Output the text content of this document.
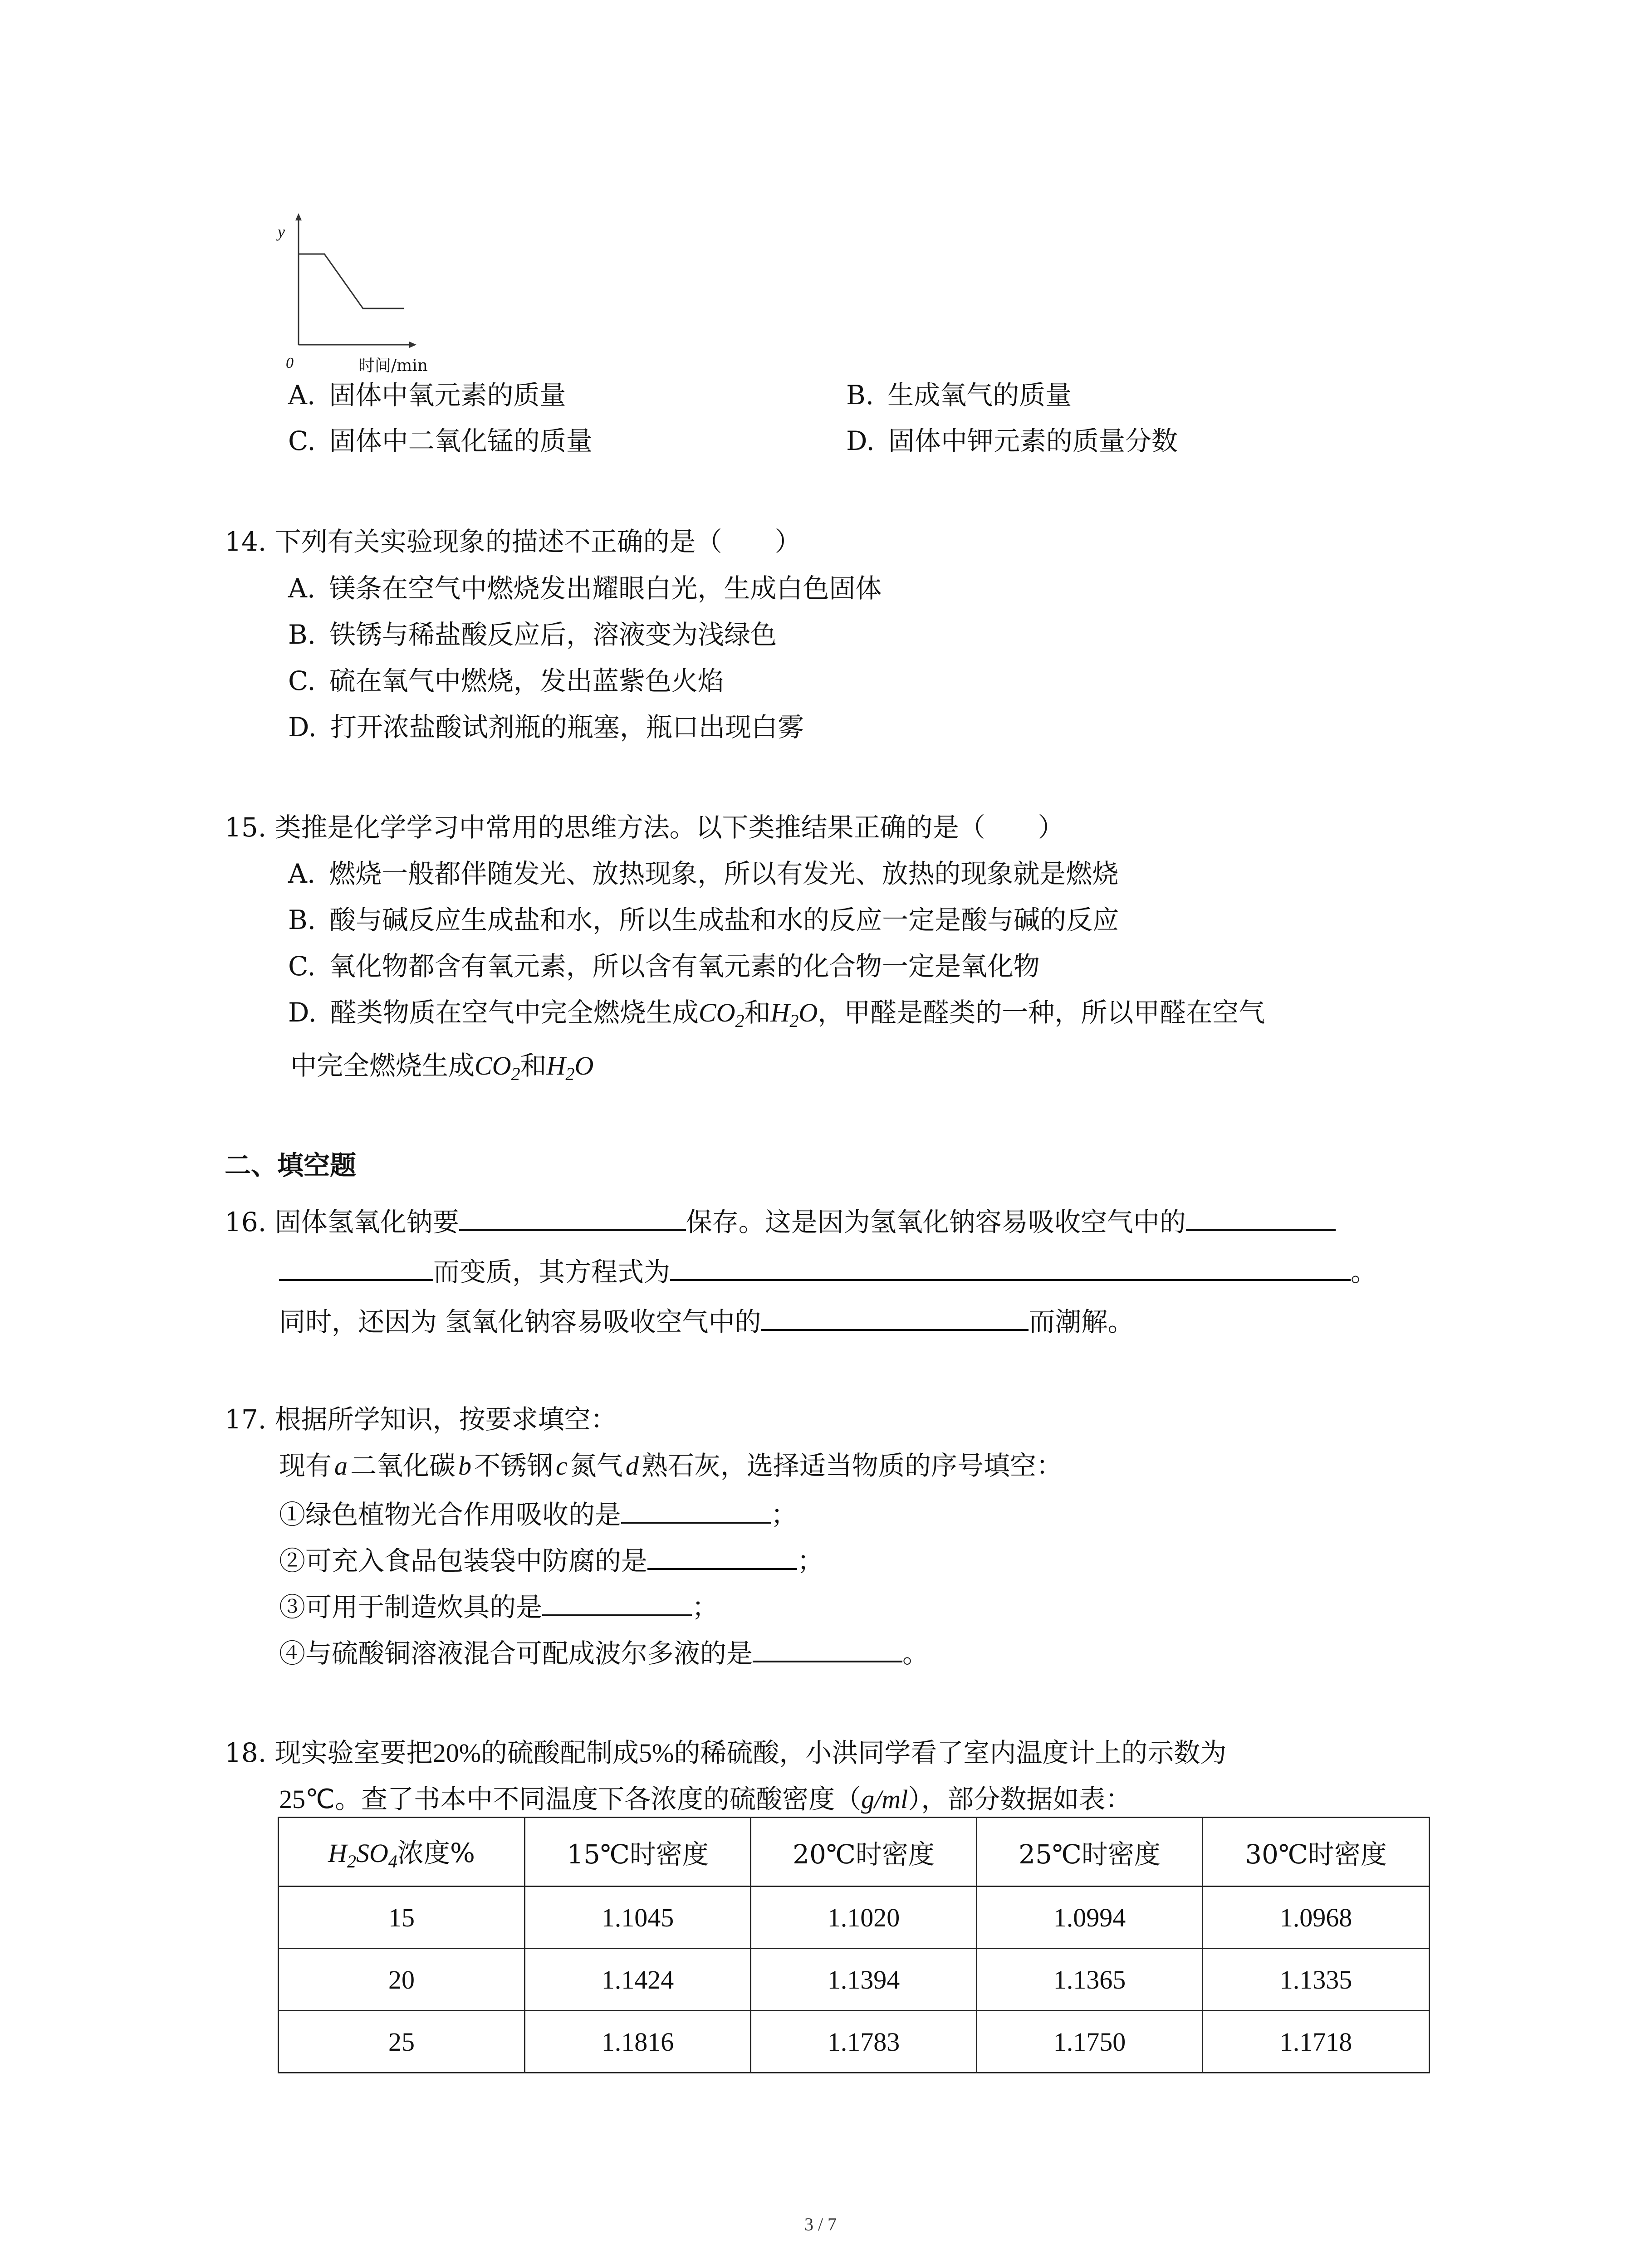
y
0	时间/min
A. 固体中氧元素的质量	B. 生成氧气的质量
C. 固体中二氧化锰的质量	D. 固体中钾元素的质量分数
14. 下列有关实验现象的描述不正确的是（　　）
A. 镁条在空气中燃烧发出耀眼白光，生成白色固体
B. 铁锈与稀盐酸反应后，溶液变为浅绿色
C. 硫在氧气中燃烧，发出蓝紫色火焰
D. 打开浓盐酸试剂瓶的瓶塞，瓶口出现白雾
15. 类推是化学学习中常用的思维方法。以下类推结果正确的是（　　）
A. 燃烧一般都伴随发光、放热现象，所以有发光、放热的现象就是燃烧
B. 酸与碱反应生成盐和水，所以生成盐和水的反应一定是酸与碱的反应
C. 氧化物都含有氧元素，所以含有氧元素的化合物一定是氧化物
D. 醛类物质在空气中完全燃烧生成$CO_2$和$H_2O$，甲醛是醛类的一种，所以甲醛在空气
中完全燃烧生成$CO_2$和$H_2O$
二、填空题
16. 固体氢氧化钠要	保存。这是因为氢氧化钠容易吸收空气中的
而变质，其方程式为	。
同时，还因为 氢氧化钠容易吸收空气中的	而潮解。
17. 根据所学知识，按要求填空：
现有 a 二氧化碳 b 不锈钢 c 氮气 d 熟石灰，选择适当物质的序号填空：
①绿色植物光合作用吸收的是	；
②可充入食品包装袋中防腐的是	；
③可用于制造炊具的是	；
④与硫酸铜溶液混合可配成波尔多液的是	。
18. 现实验室要把20%的硫酸配制成5%的稀硫酸，小洪同学看了室内温度计上的示数为
25℃。查了书本中不同温度下各浓度的硫酸密度（g/ml），部分数据如表：
$H_2SO_4$浓度%	15℃时密度	20℃时密度	25℃时密度	30℃时密度
15	1.1045	1.1020	1.0994	1.0968
20	1.1424	1.1394	1.1365	1.1335
25	1.1816	1.1783	1.1750	1.1718
3 / 7
